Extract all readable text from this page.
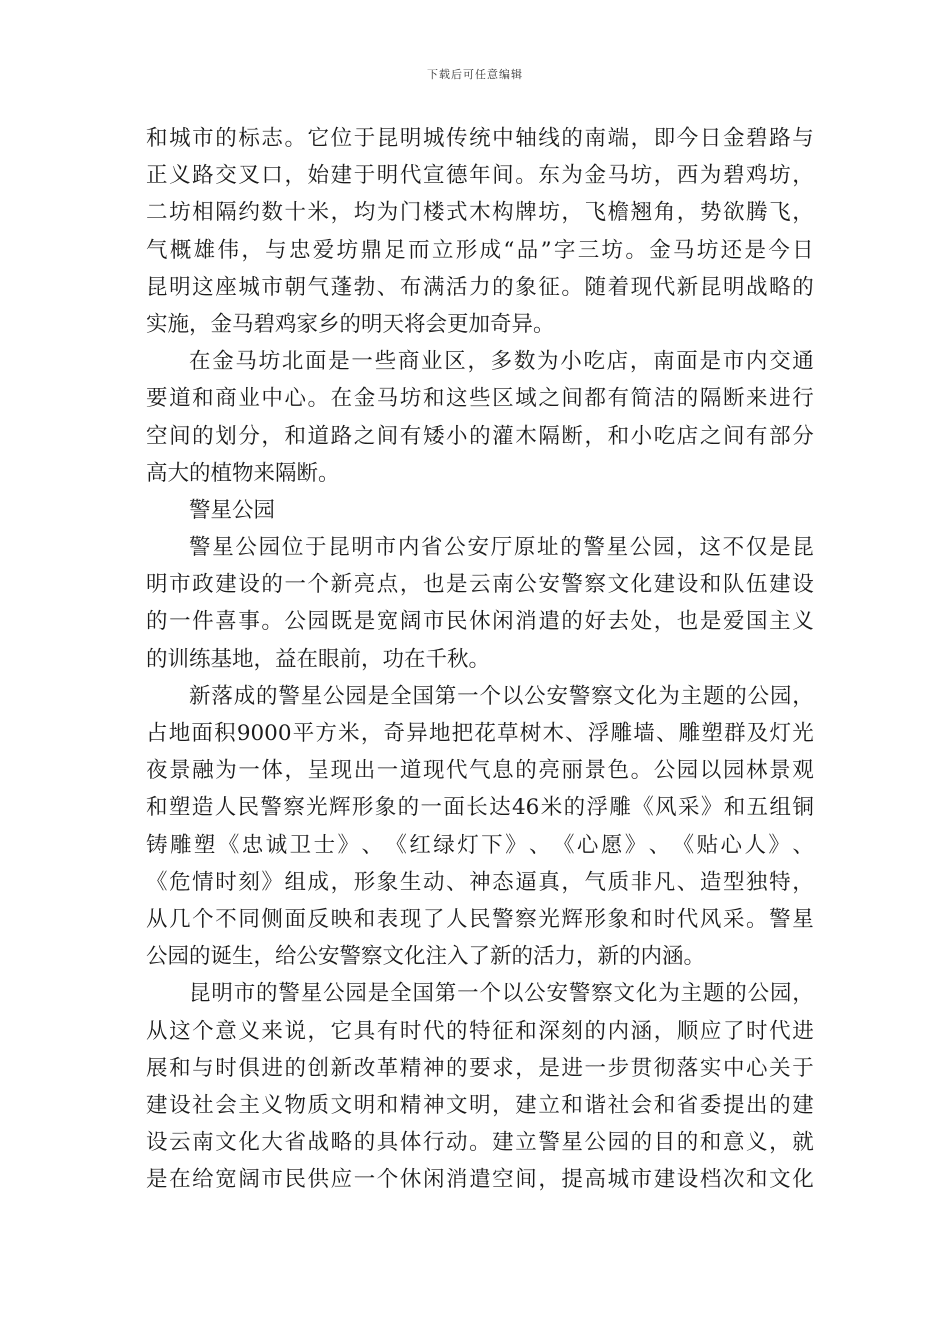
下载后可任意编辑
和 城 市 的 标 志 。 它 位 于 昆 明 城 传 统 中 轴 线 的 南 端 ， 即 今 日 金 碧 路 与
正 义 路 交 叉 口 ， 始 建 于 明 代 宣 德 年 间 。 东 为 金 马 坊 ， 西 为 碧 鸡 坊 ，
二 坊 相 隔 约 数 十 米 ， 均 为 门 楼 式 木 构 牌 坊 ， 飞 檐 翘 角 ， 势 欲 腾 飞 ，
气 概 雄 伟 ， 与 忠 爱 坊 鼎 足 而 立 形 成 “ 品 ” 字 三 坊 。 金 马 坊 还 是 今 日
昆 明 这 座 城 市 朝 气 蓬 勃 、 布 满 活 力 的 象 征 。 随 着 现 代 新 昆 明 战 略 的
实施，金马碧鸡家乡的明天将会更加奇异。
在 金 马 坊 北 面 是 一 些 商 业 区 ， 多 数 为 小 吃 店 ， 南 面 是 市 内 交 通
要 道 和 商 业 中 心 。 在 金 马 坊 和 这 些 区 域 之 间 都 有 简 洁 的 隔 断 来 进 行
空 间 的 划 分 ， 和 道 路 之 间 有 矮 小 的 灌 木 隔 断 ， 和 小 吃 店 之 间 有 部 分
高大的植物来隔断。
警星公园
警 星 公 园 位 于 昆 明 市 内 省 公 安 厅 原 址 的 警 星 公 园 ， 这 不 仅 是 昆
明 市 政 建 设 的 一 个 新 亮 点 ， 也 是 云 南 公 安 警 察 文 化 建 设 和 队 伍 建 设
的 一 件 喜 事 。 公 园 既 是 宽 阔 市 民 休 闲 消 遣 的 好 去 处 ， 也 是 爱 国 主 义
的训练基地，益在眼前，功在千秋。
新 落 成 的 警 星 公 园 是 全 国 第 一 个 以 公 安 警 察 文 化 为 主 题 的 公 园 ，
占 地 面 积 9000 平 方 米 ， 奇 异 地 把 花 草 树 木 、 浮 雕 墙 、 雕 塑 群 及 灯 光
夜 景 融 为 一 体 ， 呈 现 出 一 道 现 代 气 息 的 亮 丽 景 色 。 公 园 以 园 林 景 观
和 塑 造 人 民 警 察 光 辉 形 象 的 一 面 长 达 46 米 的 浮 雕 《 风 采 》 和 五 组 铜
铸 雕 塑 《 忠 诚 卫 士 》 、 《 红 绿 灯 下 》 、 《 心 愿 》 、 《 贴 心 人 》 、
《 危 情 时 刻 》 组 成 ， 形 象 生 动 、 神 态 逼 真 ， 气 质 非 凡 、 造 型 独 特 ，
从 几 个 不 同 侧 面 反 映 和 表 现 了 人 民 警 察 光 辉 形 象 和 时 代 风 采 。 警 星
公园的诞生，给公安警察文化注入了新的活力，新的内涵。
昆 明 市 的 警 星 公 园 是 全 国 第 一 个 以 公 安 警 察 文 化 为 主 题 的 公 园 ，
从 这 个 意 义 来 说 ， 它 具 有 时 代 的 特 征 和 深 刻 的 内 涵 ， 顺 应 了 时 代 进
展 和 与 时 俱 进 的 创 新 改 革 精 神 的 要 求 ， 是 进 一 步 贯 彻 落 实 中 心 关 于
建 设 社 会 主 义 物 质 文 明 和 精 神 文 明 ， 建 立 和 谐 社 会 和 省 委 提 出 的 建
设 云 南 文 化 大 省 战 略 的 具 体 行 动 。 建 立 警 星 公 园 的 目 的 和 意 义 ， 就
是 在 给 宽 阔 市 民 供 应 一 个 休 闲 消 遣 空 间 ， 提 高 城 市 建 设 档 次 和 文 化
